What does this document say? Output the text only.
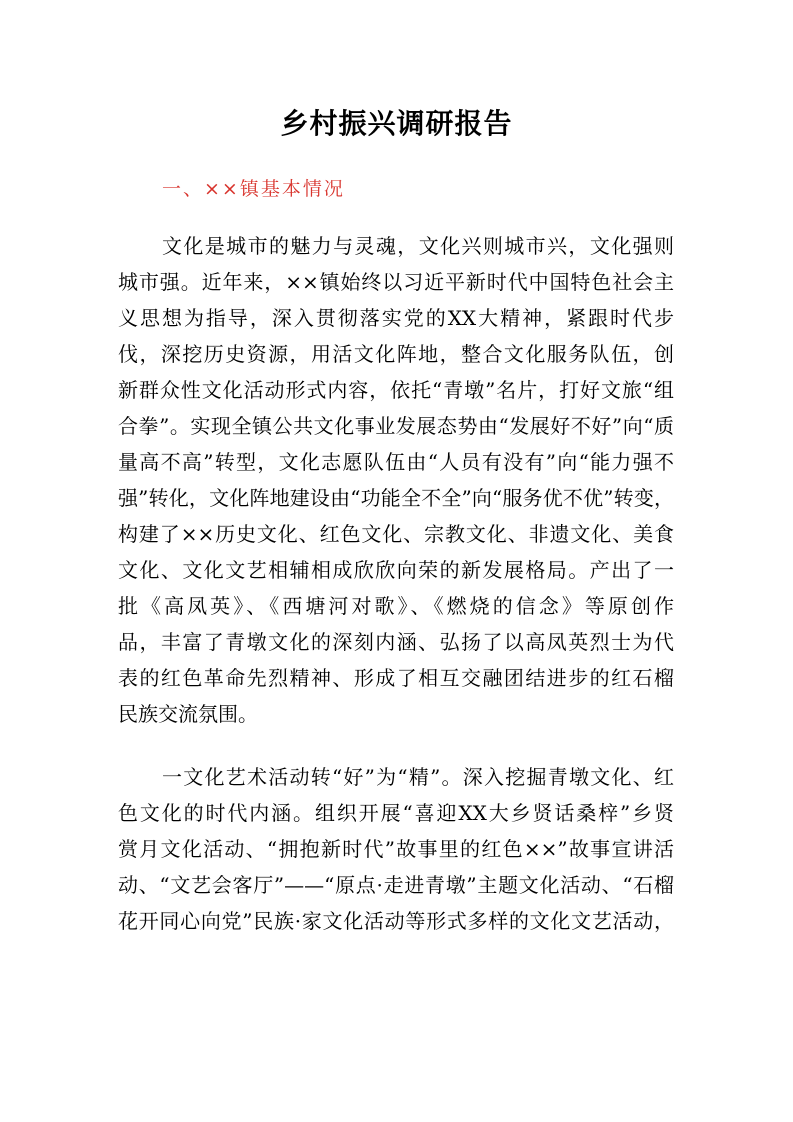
乡村振兴调研报告
一、××镇基本情况
文化是城市的魅力与灵魂，文化兴则城市兴，文化强则
城市强。近年来，××镇始终以习近平新时代中国特色社会主
义思想为指导，深入贯彻落实党的XX大精神，紧跟时代步
伐，深挖历史资源，用活文化阵地，整合文化服务队伍，创
新群众性文化活动形式内容，依托“青墩”名片，打好文旅“组
合拳”。实现全镇公共文化事业发展态势由“发展好不好”向“质
量高不高”转型，文化志愿队伍由“人员有没有”向“能力强不
强”转化，文化阵地建设由“功能全不全”向“服务优不优”转变，
构建了××历史文化、红色文化、宗教文化、非遗文化、美食
文化、文化文艺相辅相成欣欣向荣的新发展格局。产出了一
批《高凤英》、《西塘河对歌》、《燃烧的信念》等原创作
品，丰富了青墩文化的深刻内涵、弘扬了以高凤英烈士为代
表的红色革命先烈精神、形成了相互交融团结进步的红石榴
民族交流氛围。
一文化艺术活动转“好”为“精”。深入挖掘青墩文化、红
色文化的时代内涵。组织开展“喜迎XX大乡贤话桑梓”乡贤
赏月文化活动、“拥抱新时代”故事里的红色××”故事宣讲活
动、“文艺会客厅”——“原点·走进青墩”主题文化活动、“石榴
花开同心向党”民族·家文化活动等形式多样的文化文艺活动，
